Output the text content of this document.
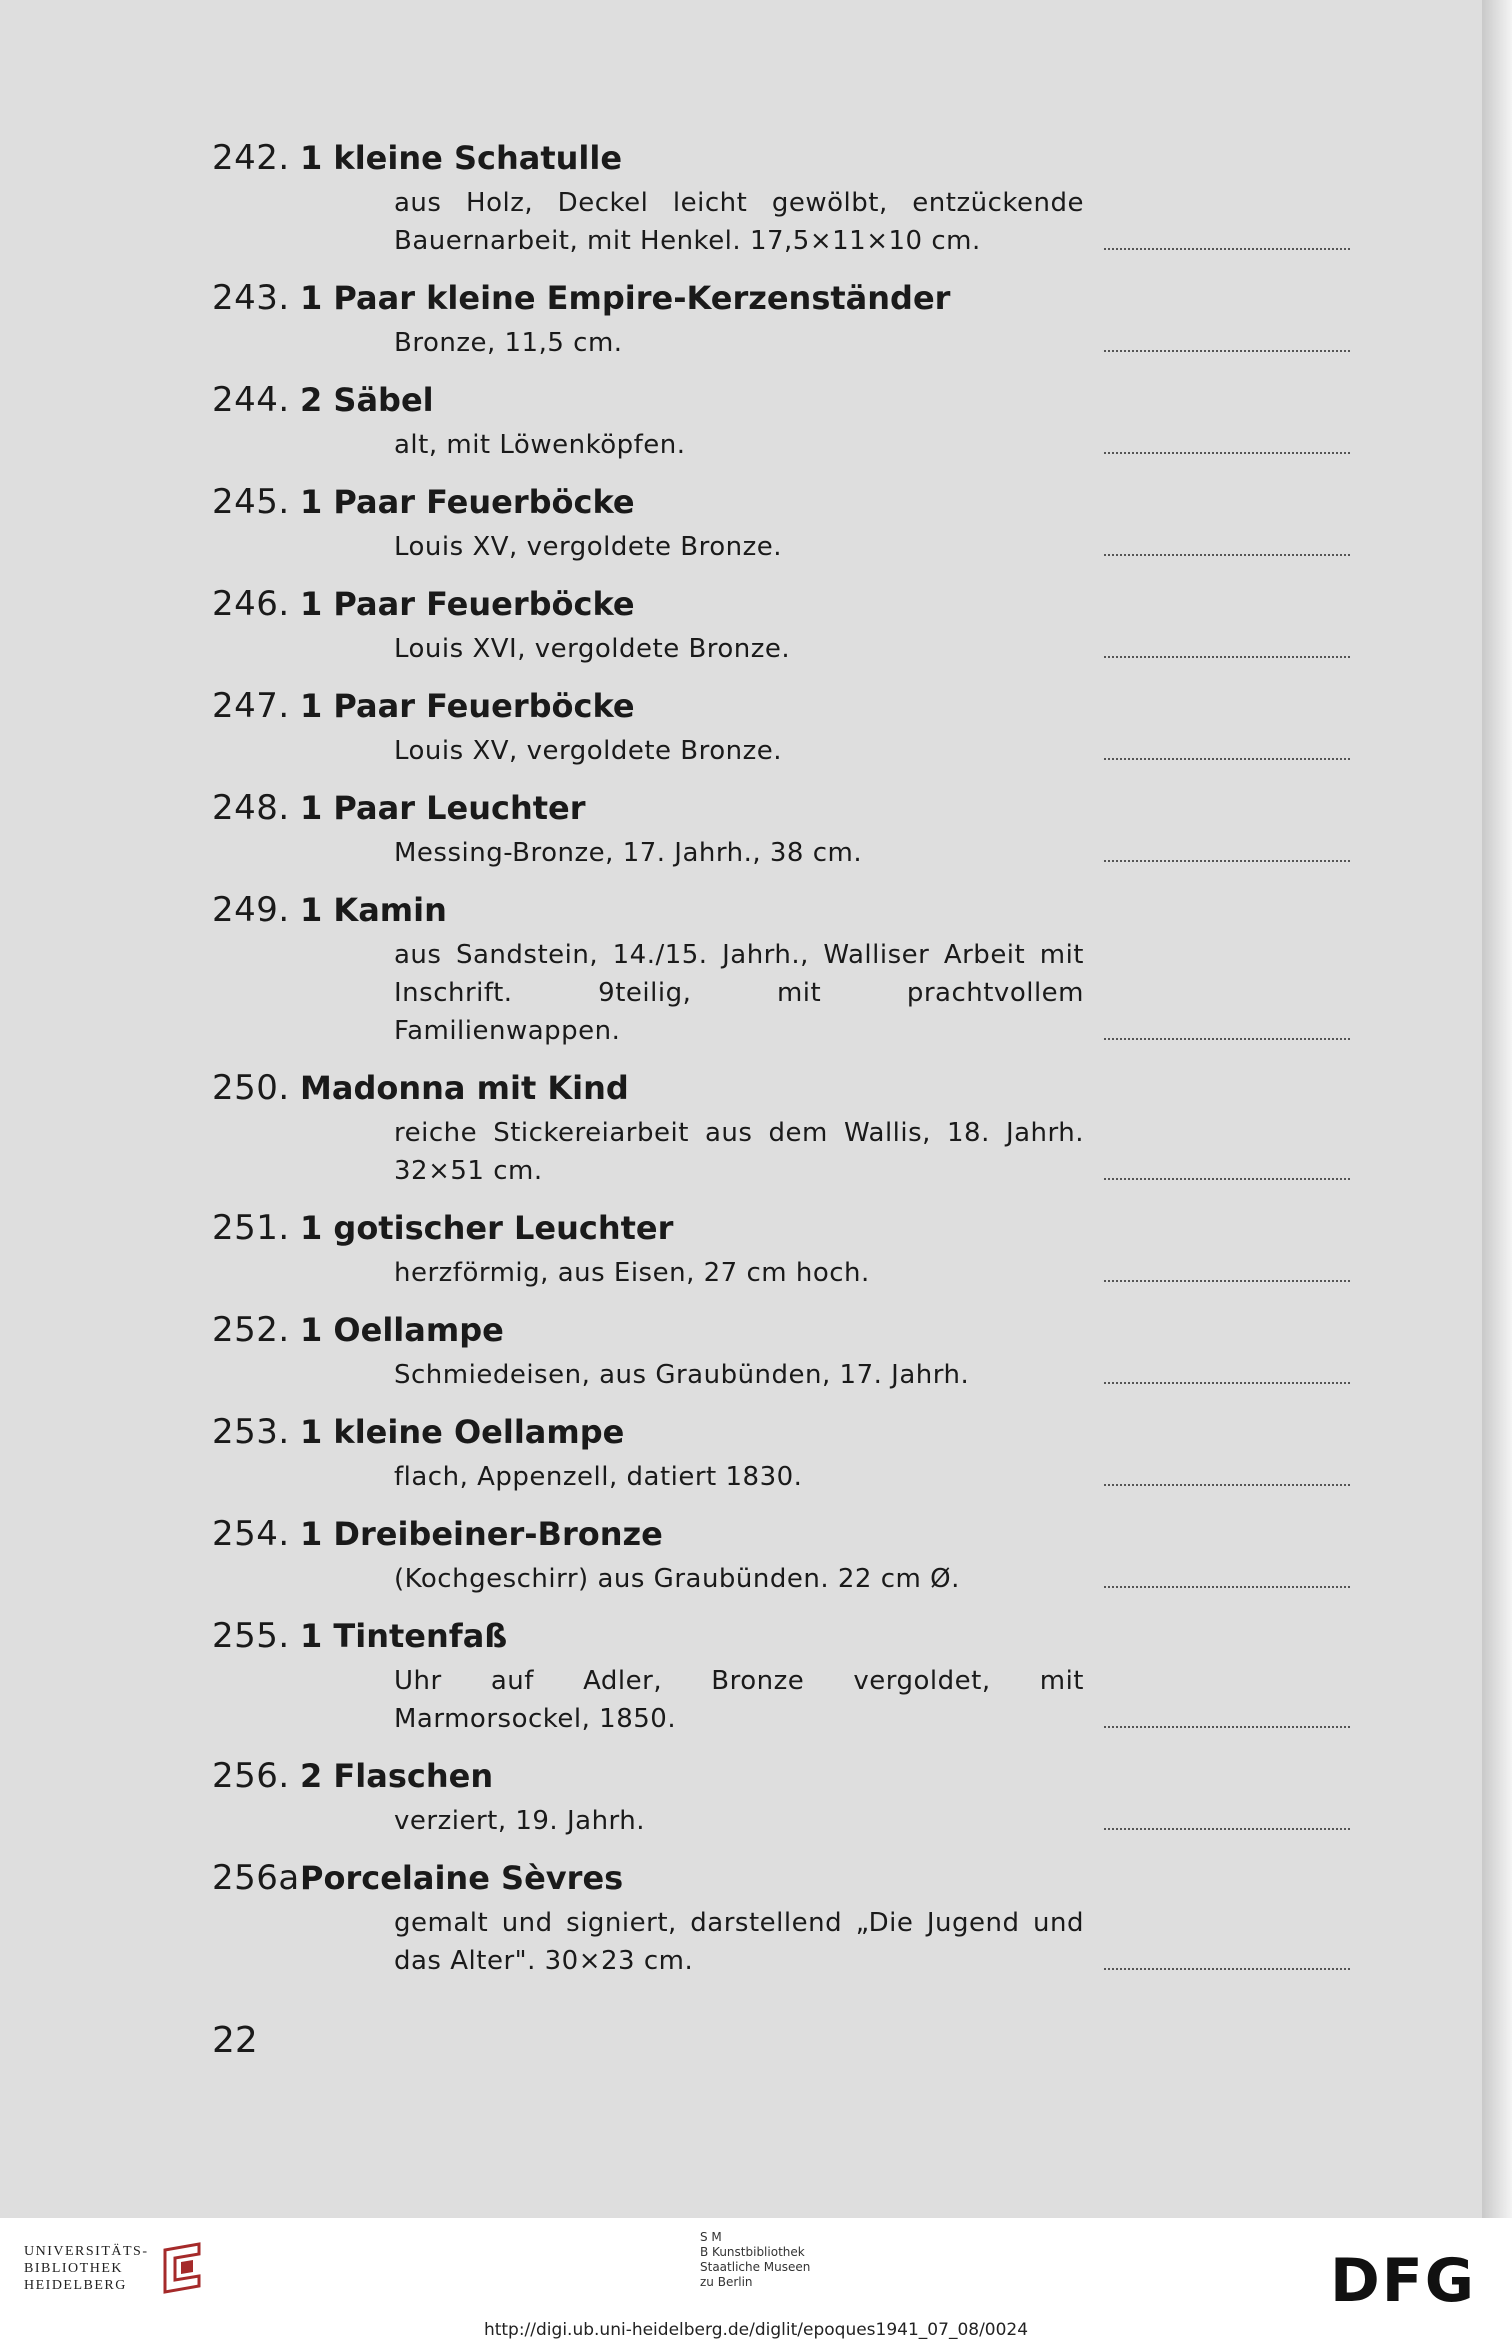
242. 1 kleine Schatulle
aus Holz, Deckel leicht gewölbt, entzückende Bauernarbeit, mit Henkel. 17,5×11×10 cm.
243. 1 Paar kleine Empire-Kerzenständer
Bronze, 11,5 cm.
244. 2 Säbel
alt, mit Löwenköpfen.
245. 1 Paar Feuerböcke
Louis XV, vergoldete Bronze.
246. 1 Paar Feuerböcke
Louis XVI, vergoldete Bronze.
247. 1 Paar Feuerböcke
Louis XV, vergoldete Bronze.
248. 1 Paar Leuchter
Messing-Bronze, 17. Jahrh., 38 cm.
249. 1 Kamin
aus Sandstein, 14./15. Jahrh., Walliser Arbeit mit Inschrift. 9teilig, mit prachtvollem Familienwappen.
250. Madonna mit Kind
reiche Stickereiarbeit aus dem Wallis, 18. Jahrh. 32×51 cm.
251. 1 gotischer Leuchter
herzförmig, aus Eisen, 27 cm hoch.
252. 1 Oellampe
Schmiedeisen, aus Graubünden, 17. Jahrh.
253. 1 kleine Oellampe
flach, Appenzell, datiert 1830.
254. 1 Dreibeiner-Bronze
(Kochgeschirr) aus Graubünden. 22 cm Ø.
255. 1 Tintenfaß
Uhr auf Adler, Bronze vergoldet, mit Marmorsockel, 1850.
256. 2 Flaschen
verziert, 19. Jahrh.
256a.
Porcelaine Sèvres
gemalt und signiert, darstellend „Die Jugend und das Alter". 30×23 cm.
22
UNIVERSITÄTS-
BIBLIOTHEK
HEIDELBERG
S M
B Kunstbibliothek
Staatliche Museen
zu Berlin	DFG
http://digi.ub.uni-heidelberg.de/diglit/epoques1941_07_08/0024
